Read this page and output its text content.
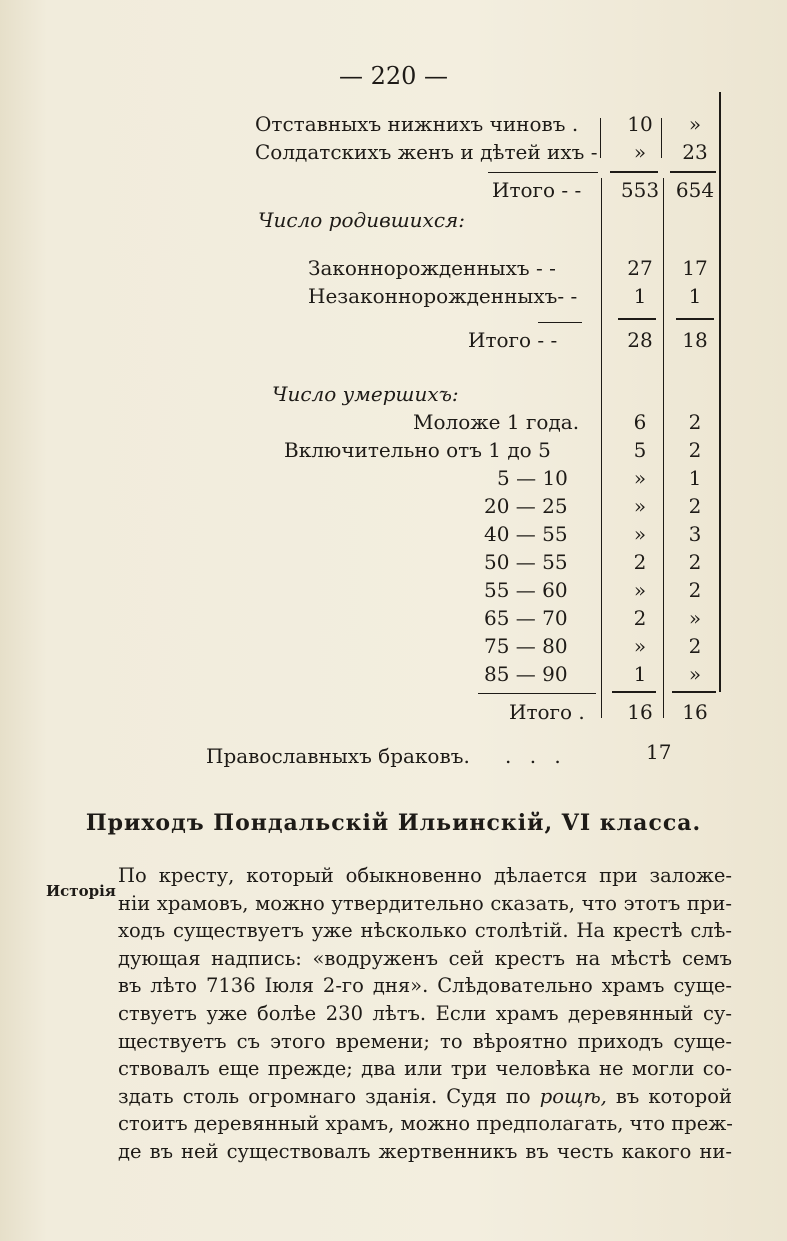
— 220 —
Отставныхъ нижнихъ чиновъ .	10	»
Солдатскихъ женъ и дѣтей ихъ -	»	23
Итого - -	553 654
Число родившихся:
Законнорожденныхъ - -	27	17
Незаконнорожденныхъ- -	1	1
Итого - -	28	18
Число умершихъ:
Моложе 1 года.	6	2
Включительно отъ 1 до 5	5	2
5 — 10	»	1
20 — 25	»	2
40 — 55	»	3
50 — 55	2	2
55 — 60	»	2
65 — 70	2	»
75 — 80	»	2
85 — 90	1	»
Итого .	16	16
Православныхъ браковъ. . . .	17
Приходъ Пондальскій Ильинскій, VI класса.
Исторія
По кресту, который обыкновенно дѣлается при заложе-
ніи храмовъ, можно утвердительно сказать, что этотъ при-
ходъ существуетъ уже нѣсколько столѣтій. На крестѣ слѣ-
дующая надпись: «водруженъ сей крестъ на мѣстѣ семъ
въ лѣто 7136 Іюля 2-го дня». Слѣдовательно храмъ суще-
ствуетъ уже болѣе 230 лѣтъ. Если храмъ деревянный су-
ществуетъ съ этого времени; то вѣроятно приходъ суще-
ствовалъ еще прежде; два или три человѣка не могли со-
здать столь огромнаго зданія. Судя по рощѣ, въ которой
стоитъ деревянный храмъ, можно предполагать, что преж-
де въ ней существовалъ жертвенникъ въ честь какого ни-
